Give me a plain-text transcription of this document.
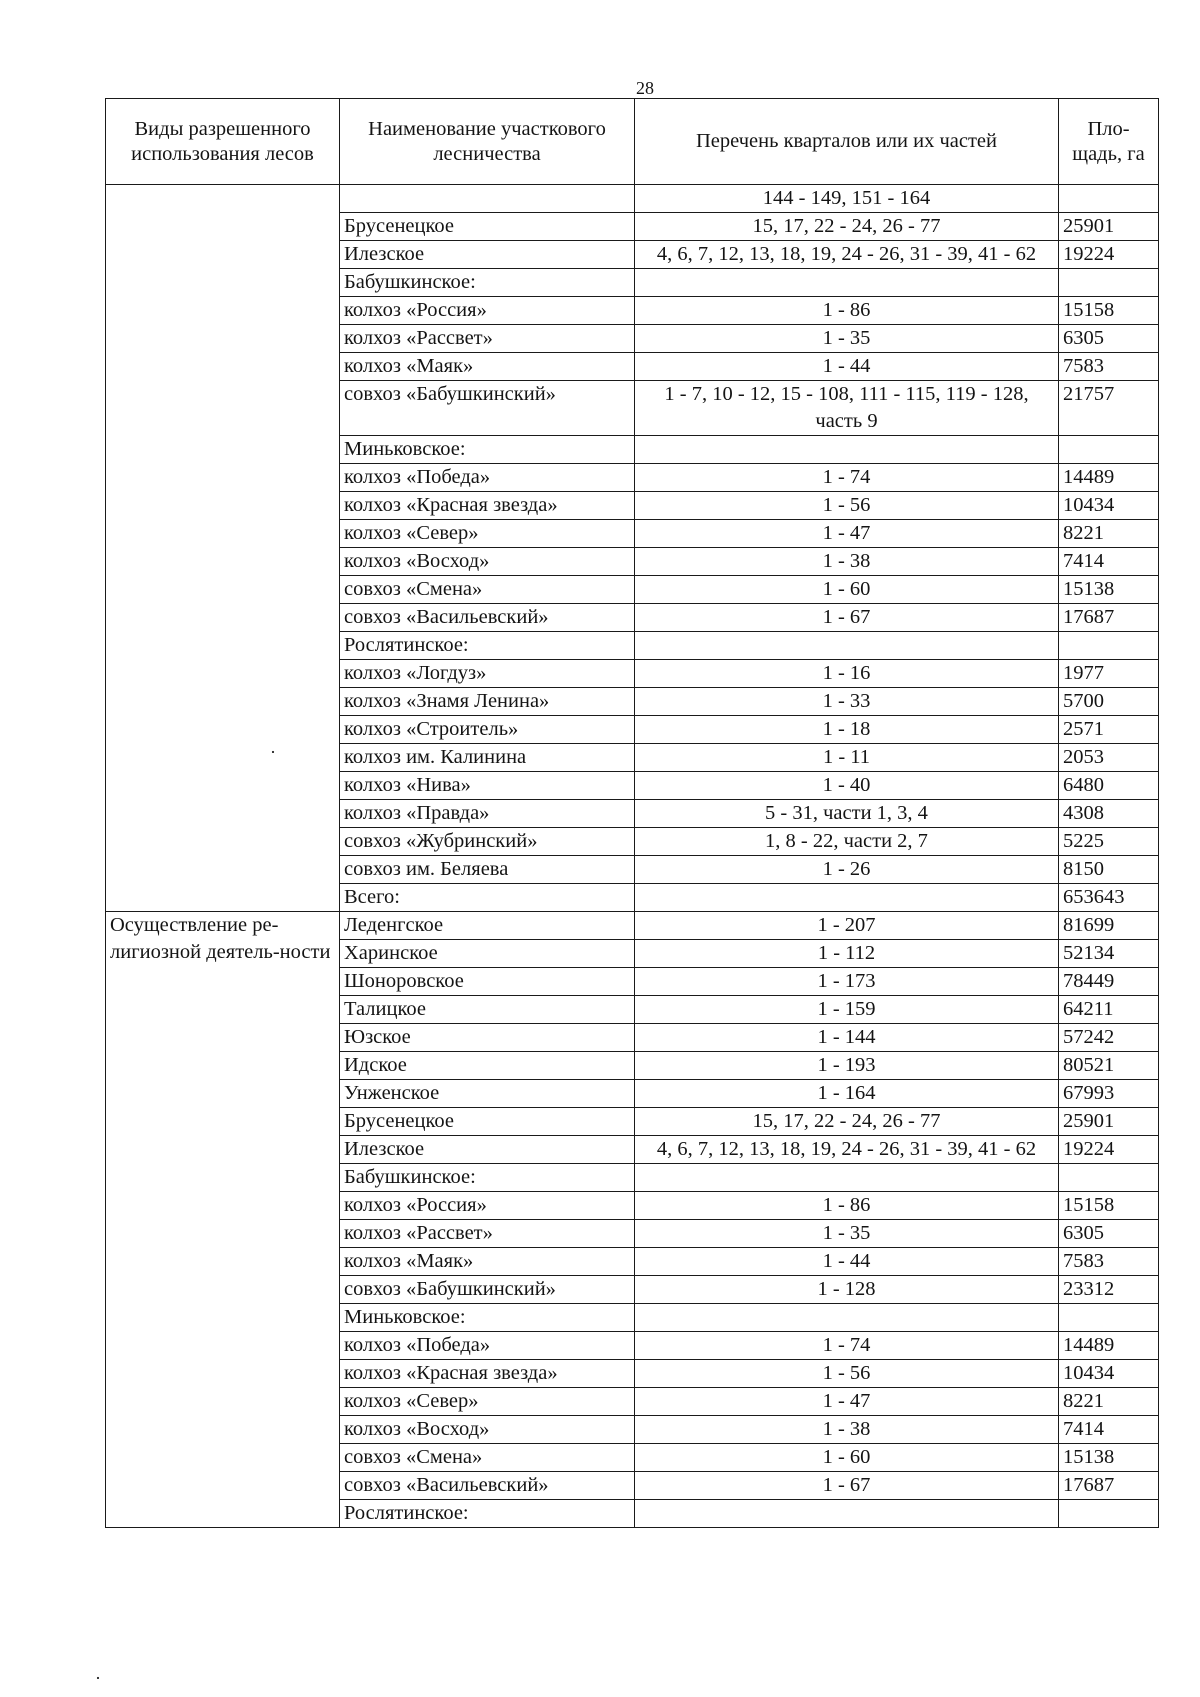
28
Виды разрешенного использования лесов	Наименование участкового лесничества	Перечень кварталов или их частей	Пло-щадь, га
		144 - 149, 151 - 164	
	Брусенецкое	15, 17, 22 - 24, 26 - 77	25901
	Илезское	4, 6, 7, 12, 13, 18, 19, 24 - 26, 31 - 39, 41 - 62	19224
	Бабушкинское:		
	колхоз «Россия»	1 - 86	15158
	колхоз «Рассвет»	1 - 35	6305
	колхоз «Маяк»	1 - 44	7583
	совхоз «Бабушкинский»	1 - 7, 10 - 12, 15 - 108, 111 - 115, 119 - 128, часть 9	21757
	Миньковское:		
	колхоз «Победа»	1 - 74	14489
	колхоз «Красная звезда»	1 - 56	10434
	колхоз «Север»	1 - 47	8221
	колхоз «Восход»	1 - 38	7414
	совхоз «Смена»	1 - 60	15138
	совхоз «Васильевский»	1 - 67	17687
	Рослятинское:		
	колхоз «Логдуз»	1 - 16	1977
	колхоз «Знамя Ленина»	1 - 33	5700
	колхоз «Строитель»	1 - 18	2571
	колхоз им. Калинина	1 - 11	2053
	колхоз «Нива»	1 - 40	6480
	колхоз «Правда»	5 - 31, части 1, 3, 4	4308
	совхоз «Жубринский»	1, 8 - 22, части 2, 7	5225
	совхоз им. Беляева	1 - 26	8150
	Всего:		653643
Осуществление ре-лигиозной деятель-ности	Леденгское	1 - 207	81699
	Харинское	1 - 112	52134
	Шоноровское	1 - 173	78449
	Талицкое	1 - 159	64211
	Юзское	1 - 144	57242
	Идское	1 - 193	80521
	Унженское	1 - 164	67993
	Брусенецкое	15, 17, 22 - 24, 26 - 77	25901
	Илезское	4, 6, 7, 12, 13, 18, 19, 24 - 26, 31 - 39, 41 - 62	19224
	Бабушкинское:		
	колхоз «Россия»	1 - 86	15158
	колхоз «Рассвет»	1 - 35	6305
	колхоз «Маяк»	1 - 44	7583
	совхоз «Бабушкинский»	1 - 128	23312
	Миньковское:		
	колхоз «Победа»	1 - 74	14489
	колхоз «Красная звезда»	1 - 56	10434
	колхоз «Север»	1 - 47	8221
	колхоз «Восход»	1 - 38	7414
	совхоз «Смена»	1 - 60	15138
	совхоз «Васильевский»	1 - 67	17687
	Рослятинское:		
·
·
